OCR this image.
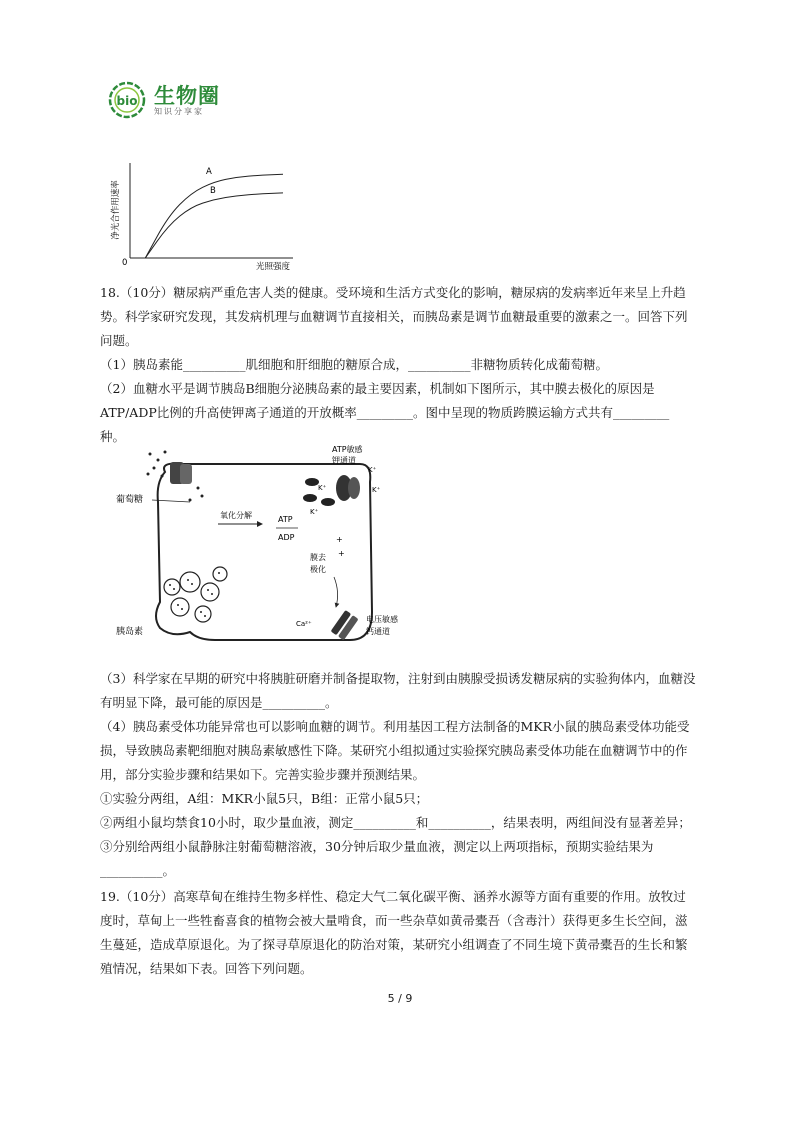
bio 生物圈
知识分享家
净光合作用速率
光照强度
0
A
B
18.（10分）糖尿病严重危害人类的健康。受环境和生活方式变化的影响，糖尿病的发病率近年来呈上升趋
势。科学家研究发现，其发病机理与血糖调节直接相关，而胰岛素是调节血糖最重要的激素之一。回答下列
问题。
（1）胰岛素能__________肌细胞和肝细胞的糖原合成，__________非糖物质转化成葡萄糖。
（2）血糖水平是调节胰岛B细胞分泌胰岛素的最主要因素，机制如下图所示，其中膜去极化的原因是
ATP/ADP比例的升高使钾离子通道的开放概率_________。图中呈现的物质跨膜运输方式共有_________
种。
葡萄糖
氧化分解	ATP
ADP
ATP敏感
钾通道
K⁺
K⁺
K⁺
K⁺
膜去
极化
+
+
Ca²⁺	电压敏感
钙通道
胰岛素
（3）科学家在早期的研究中将胰脏研磨并制备提取物，注射到由胰腺受损诱发糖尿病的实验狗体内，血糖没
有明显下降，最可能的原因是__________。
（4）胰岛素受体功能异常也可以影响血糖的调节。利用基因工程方法制备的MKR小鼠的胰岛素受体功能受
损，导致胰岛素靶细胞对胰岛素敏感性下降。某研究小组拟通过实验探究胰岛素受体功能在血糖调节中的作
用，部分实验步骤和结果如下。完善实验步骤并预测结果。
①实验分两组，A组：MKR小鼠5只，B组：正常小鼠5只；
②两组小鼠均禁食10小时，取少量血液，测定__________和__________，结果表明，两组间没有显著差异；
③分别给两组小鼠静脉注射葡萄糖溶液，30分钟后取少量血液，测定以上两项指标，预期实验结果为
__________。
19.（10分）高寒草甸在维持生物多样性、稳定大气二氧化碳平衡、涵养水源等方面有重要的作用。放牧过
度时，草甸上一些牲畜喜食的植物会被大量啃食，而一些杂草如黄帚橐吾（含毒汁）获得更多生长空间，滋
生蔓延，造成草原退化。为了探寻草原退化的防治对策，某研究小组调查了不同生境下黄帚橐吾的生长和繁
殖情况，结果如下表。回答下列问题。
5 / 9
